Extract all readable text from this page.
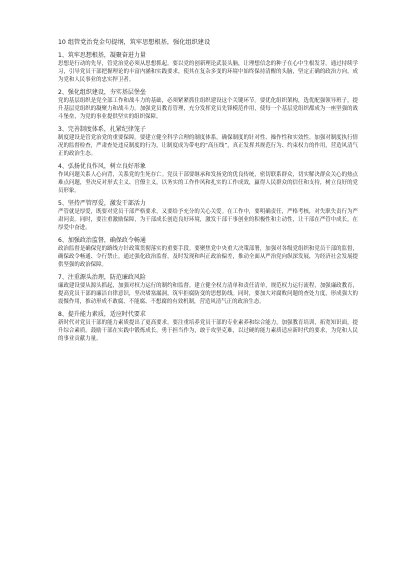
10 组管党治党金句提纲，筑牢思想根基，强化组织建设
1、筑牢思想根基，凝聚奋进力量
思想是行动的先导，管党治党必须从思想抓起。要以党的创新理论武装头脑，让理想信念的种子在心中生根发芽。通过持续学习，引导党员干部把握理论的丰富内涵和实践要求，使其在复杂多变的环境中始终保持清醒的头脑，坚定正确的政治方向，成为党和人民事业的忠实捍卫者。
2、强化组织建设，夯实基层堡垒
党的基层组织是党全部工作和战斗力的基础，必须紧紧抓住组织建设这个关键环节。要优化组织架构，选优配强领导班子，提升基层党组织的凝聚力和战斗力。加强党员教育管理，充分发挥党员先锋模范作用，使每一个基层党组织都成为一座坚强的战斗堡垒，为党的事业提供坚实的组织保障。
3、完善制度体系，扎紧纪律笼子
制度建设是管党治党的重要保障。要建立健全科学合理的制度体系，确保制度的针对性、操作性和实效性。加强对制度执行情况的监督检查，严肃查处违反制度的行为，让制度成为带电的“高压线”，真正发挥其规范行为、约束权力的作用，营造风清气正的政治生态。
4、弘扬优良作风，树立良好形象
作风问题关系人心向背，关系党的生死存亡。党员干部要继承和发扬党的优良传统，密切联系群众，切实解决群众关心的热点难点问题，坚决反对形式主义、官僚主义，以务实的工作作风和扎实的工作成效，赢得人民群众的信任和支持，树立良好的党员形象。
5、坚持严管厚爱，激发干部活力
严管就是厚爱，既要对党员干部严格要求，又要给予充分的关心关爱。在工作中，要明确责任，严格考核，对失职失责行为严肃问责。同时，要注重激励保障，为干部成长创造良好环境，激发干部干事创业的积极性和主动性，让干部在严管中成长，在厚爱中奋进。
6、加强政治监督，确保政令畅通
政治监督是确保党的路线方针政策贯彻落实的重要手段。要聚焦党中央重大决策部署，加强对各级党组织和党员干部的监督，确保政令畅通、令行禁止。通过强化政治监督，及时发现和纠正政治偏差，推动全面从严治党向纵深发展，为经济社会发展提供坚强的政治保障。
7、注重源头治理，防范廉政风险
廉政建设要从源头抓起，加强对权力运行的制约和监督。建立健全权力清单和责任清单，规范权力运行流程，加强廉政教育，提高党员干部的廉洁自律意识，坚决堵塞漏洞，筑牢拒腐防变的思想防线。同时，要加大对腐败问题的查处力度，形成强大的震慑作用，推动形成不敢腐、不能腐、不想腐的有效机制，营造风清气正的政治生态。
8、提升能力素质，适应时代要求
新时代对党员干部的能力素质提出了更高要求。要注重培养党员干部的专业素养和综合能力，加强教育培训，拓宽知识面，提升综合素质。鼓励干部在实践中锻炼成长，勇于担当作为，敢于攻坚克难，以过硬的能力素质适应新时代的要求，为党和人民的事业贡献力量。
